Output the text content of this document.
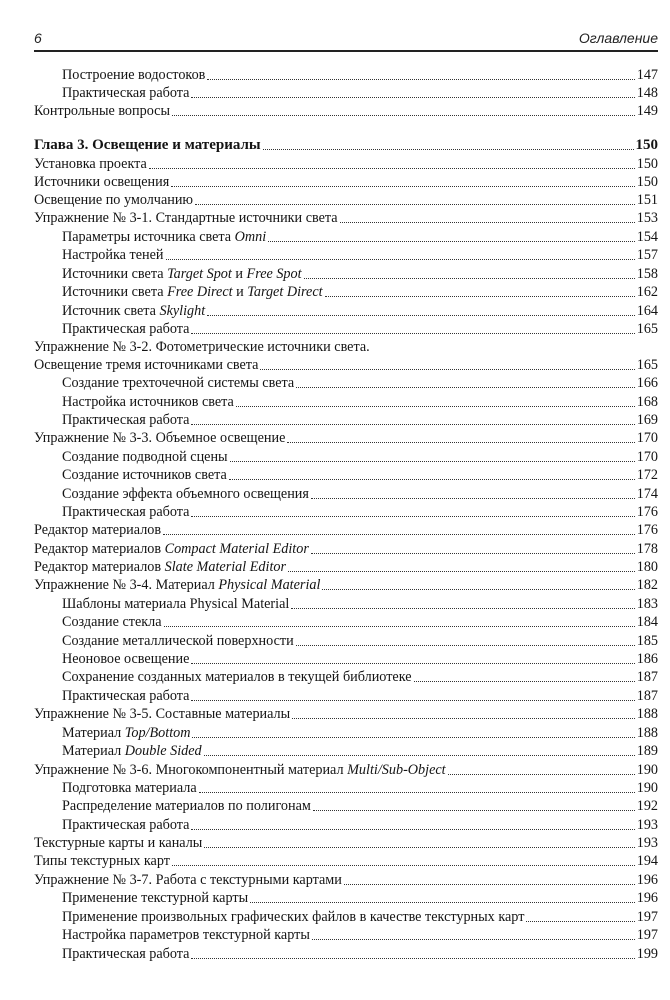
6	Оглавление
Построение водостоков	147
Практическая работа	148
Контрольные вопросы	149
Глава 3. Освещение и материалы	150
Установка проекта	150
Источники освещения	150
Освещение по умолчанию	151
Упражнение № 3-1. Стандартные источники света	153
Параметры источника света Omni	154
Настройка теней	157
Источники света Target Spot и Free Spot	158
Источники света Free Direct и Target Direct	162
Источник света Skylight	164
Практическая работа	165
Упражнение № 3-2. Фотометрические источники света.
Освещение тремя источниками света	165
Создание трехточечной системы света	166
Настройка источников света	168
Практическая работа	169
Упражнение № 3-3. Объемное освещение	170
Создание подводной сцены	170
Создание источников света	172
Создание эффекта объемного освещения	174
Практическая работа	176
Редактор материалов	176
Редактор материалов Compact Material Editor	178
Редактор материалов Slate Material Editor	180
Упражнение № 3-4. Материал Physical Material	182
Шаблоны материала Physical Material	183
Создание стекла	184
Создание металлической поверхности	185
Неоновое освещение	186
Сохранение созданных материалов в текущей библиотеке	187
Практическая работа	187
Упражнение № 3-5. Составные материалы	188
Материал Top/Bottom	188
Материал Double Sided	189
Упражнение № 3-6. Многокомпонентный материал Multi/Sub-Object	190
Подготовка материала	190
Распределение материалов по полигонам	192
Практическая работа	193
Текстурные карты и каналы	193
Типы текстурных карт	194
Упражнение № 3-7. Работа с текстурными картами	196
Применение текстурной карты	196
Применение произвольных графических файлов в качестве текстурных карт	197
Настройка параметров текстурной карты	197
Практическая работа	199
